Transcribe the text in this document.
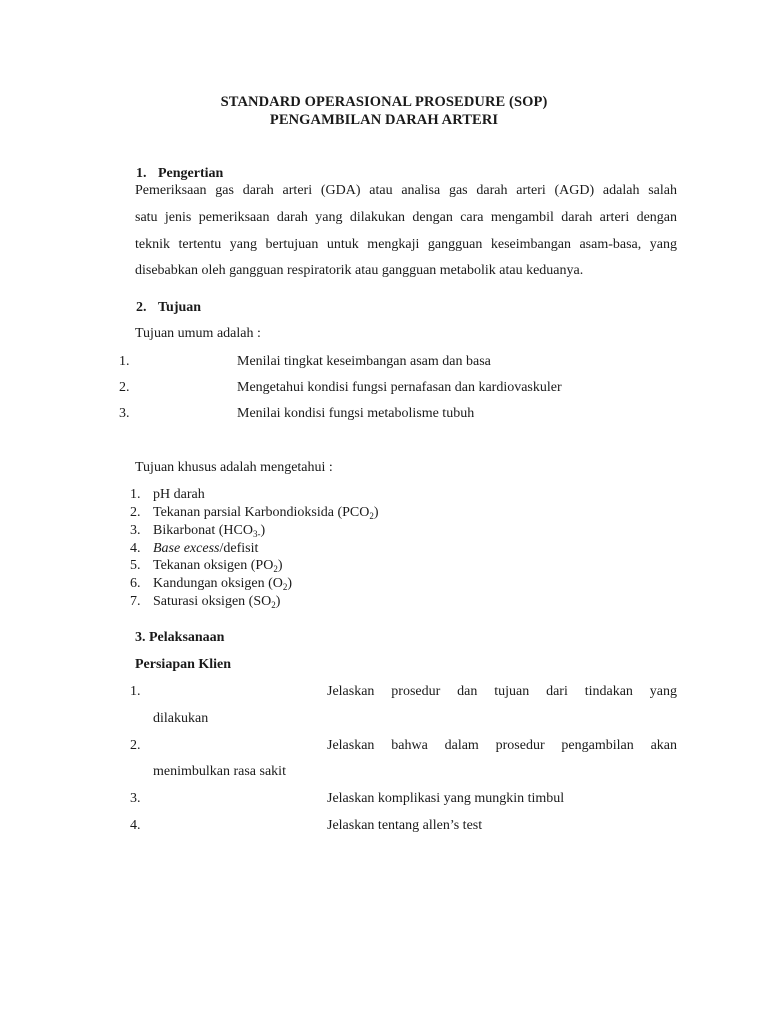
STANDARD OPERASIONAL PROSEDURE (SOP)
PENGAMBILAN DARAH ARTERI
1. Pengertian
Pemeriksaan gas darah arteri (GDA) atau analisa gas darah arteri (AGD) adalah salah
satu jenis pemeriksaan darah yang dilakukan dengan cara mengambil darah arteri dengan
teknik tertentu yang bertujuan untuk mengkaji gangguan keseimbangan asam-basa, yang
disebabkan oleh gangguan respiratorik atau gangguan metabolik atau keduanya.
2. Tujuan
Tujuan umum adalah :
1.	Menilai tingkat keseimbangan asam dan basa
2.	Mengetahui kondisi fungsi pernafasan dan kardiovaskuler
3.	Menilai kondisi fungsi metabolisme tubuh
Tujuan khusus adalah mengetahui :
1. pH darah
2. Tekanan parsial Karbondioksida $(PCO_2)$
3. Bikarbonat $(HCO_{3-})$
4. Base excess/defisit
5. Tekanan oksigen $(PO_2)$
6. Kandungan oksigen $(O_2)$
7. Saturasi oksigen $(SO_2)$
3. Pelaksanaan
Persiapan Klien
1.	Jelaskan prosedur dan tujuan dari tindakan yang
dilakukan
2.	Jelaskan bahwa dalam prosedur pengambilan akan
menimbulkan rasa sakit
3.	Jelaskan komplikasi yang mungkin timbul
4.	Jelaskan tentang allen’s test
